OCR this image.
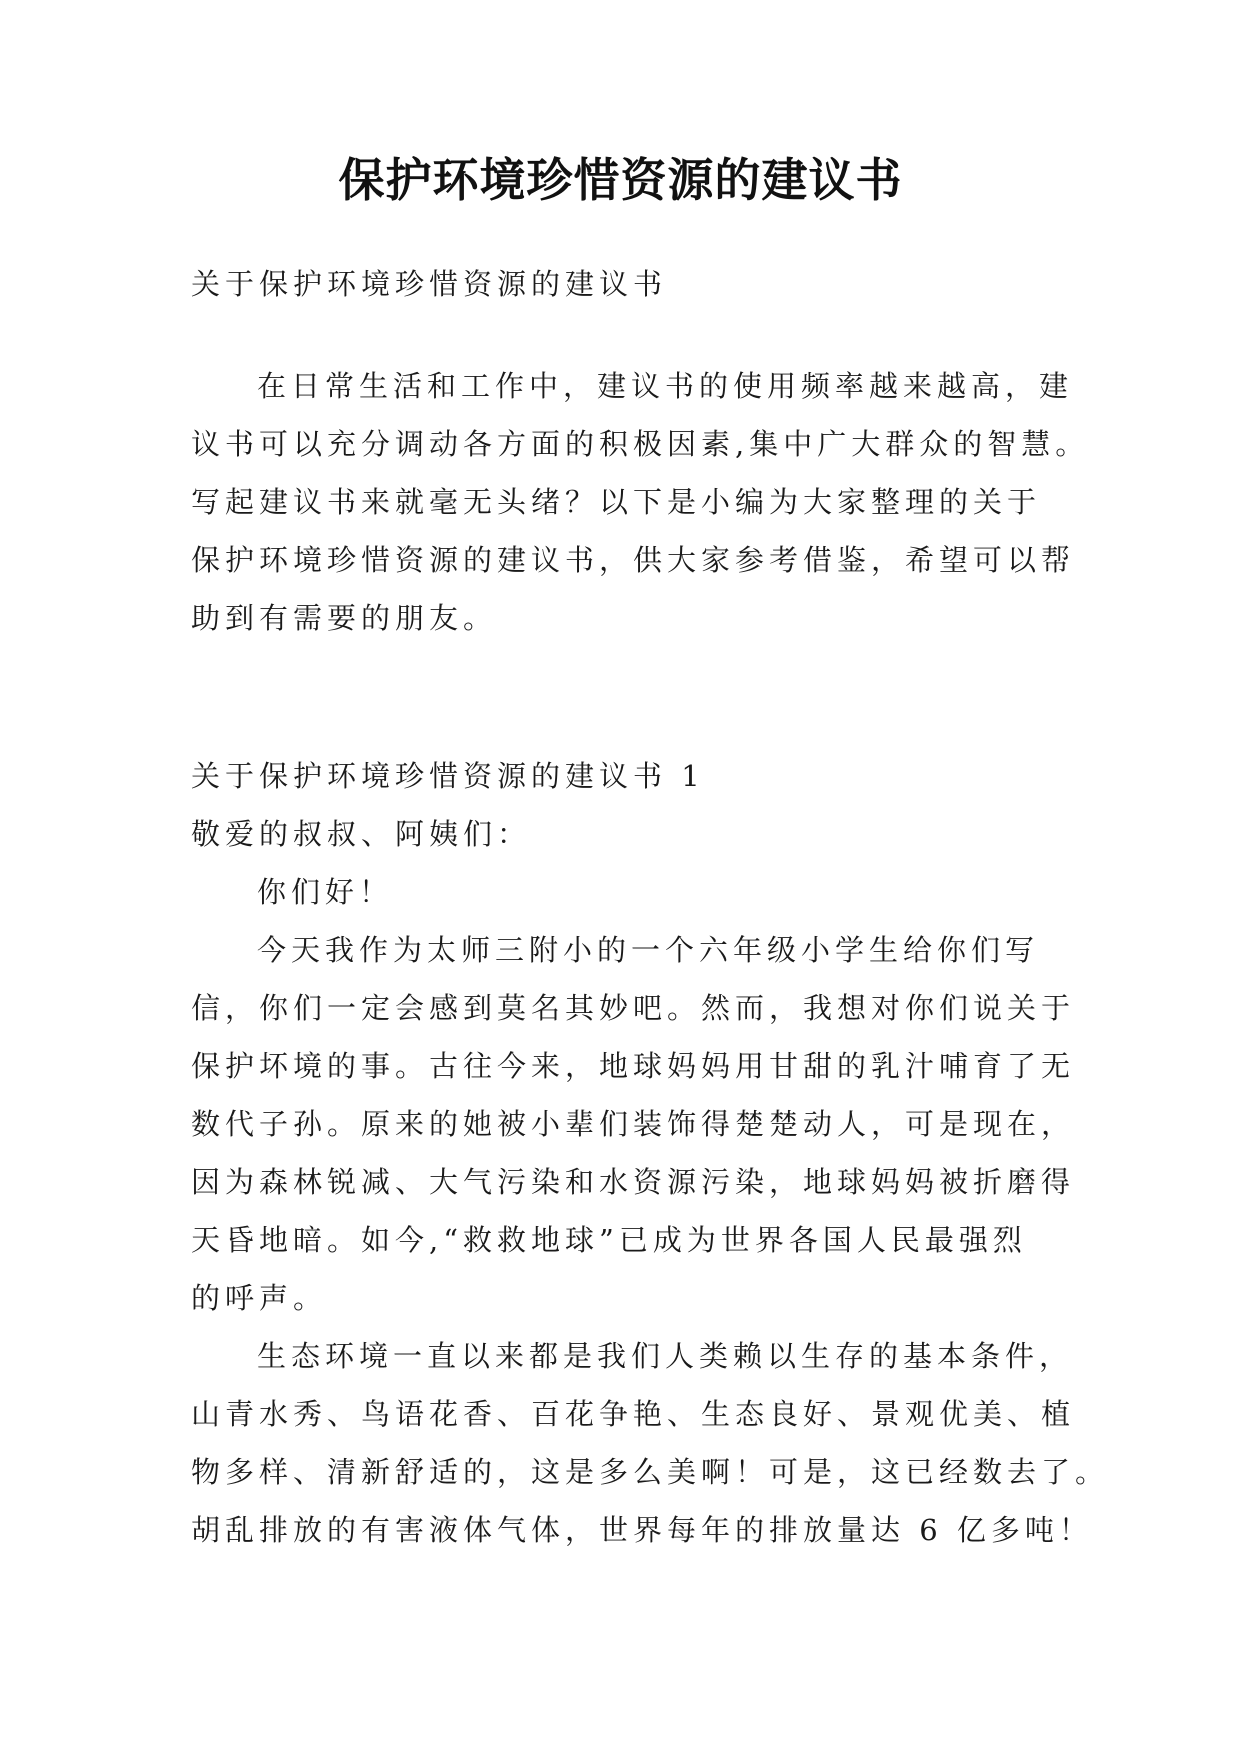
保护环境珍惜资源的建议书

关于保护环境珍惜资源的建议书

在日常生活和工作中，建议书的使用频率越来越高，建
议书可以充分调动各方面的积极因素,集中广大群众的智慧。
写起建议书来就毫无头绪？以下是小编为大家整理的关于
保护环境珍惜资源的建议书，供大家参考借鉴，希望可以帮
助到有需要的朋友。

关于保护环境珍惜资源的建议书 1

敬爱的叔叔、阿姨们：

你们好！

今天我作为太师三附小的一个六年级小学生给你们写
信，你们一定会感到莫名其妙吧。然而，我想对你们说关于
保护坏境的事。古往今来，地球妈妈用甘甜的乳汁哺育了无
数代子孙。原来的她被小辈们装饰得楚楚动人，可是现在，
因为森林锐减、大气污染和水资源污染，地球妈妈被折磨得
天昏地暗。如今,“救救地球”已成为世界各国人民最强烈
的呼声。

生态环境一直以来都是我们人类赖以生存的基本条件，
山青水秀、鸟语花香、百花争艳、生态良好、景观优美、植
物多样、清新舒适的，这是多么美啊！可是，这已经数去了。
胡乱排放的有害液体气体，世界每年的排放量达 6 亿多吨！
